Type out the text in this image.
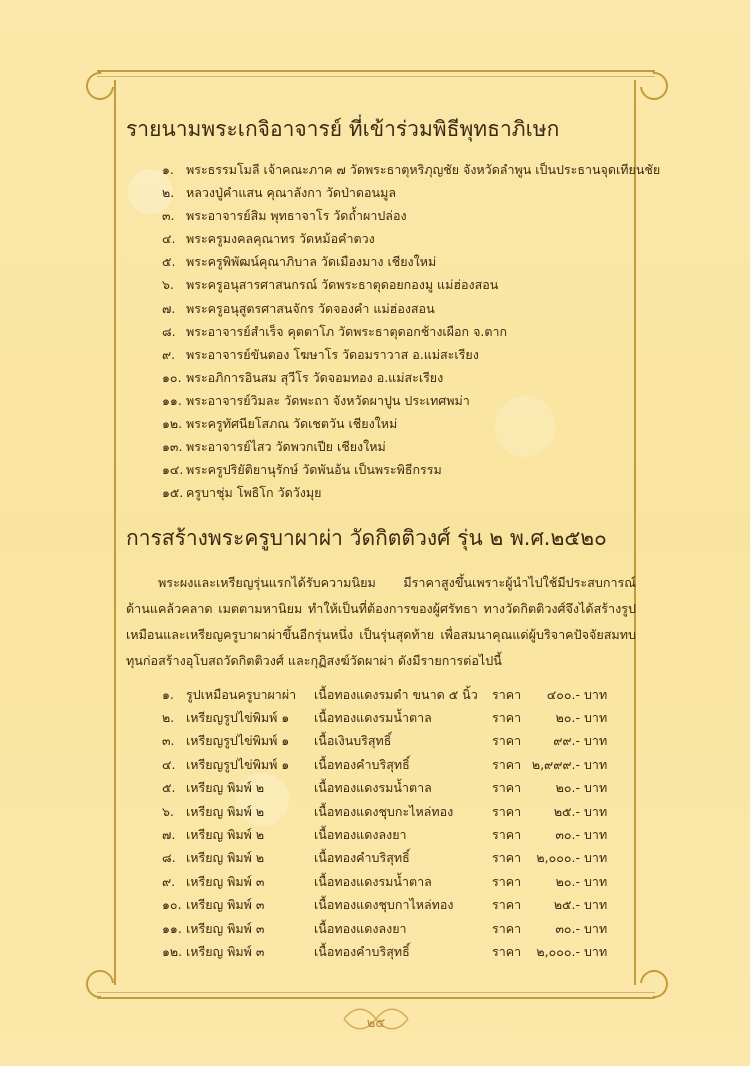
รายนามพระเกจิอาจารย์ ที่เข้าร่วมพิธีพุทธาภิเษก
๑. พระธรรมโมลี เจ้าคณะภาค ๗ วัดพระธาตุหริภุญชัย จังหวัดลำพูน เป็นประธานจุดเทียนชัย
๒. หลวงปู่คำแสน คุณาลังกา วัดป่าดอนมูล
๓. พระอาจารย์สิม พุทธาจาโร วัดถ้ำผาปล่อง
๔. พระครูมงคลคุณาทร วัดหม้อคำตวง
๕. พระครูพิพัฒน์คุณาภิบาล วัดเมืองมาง เชียงใหม่
๖. พระครูอนุสารศาสนกรณ์ วัดพระธาตุดอยกองมู แม่ฮ่องสอน
๗. พระครูอนุสูตรศาสนจักร วัดจองคำ แม่ฮ่องสอน
๘. พระอาจารย์สำเร็จ คุตตาโภ วัดพระธาตุดอกช้างเผือก จ.ตาก
๙. พระอาจารย์ขันตอง โฆษาโร วัดอมราวาส อ.แม่สะเรียง
๑๐. พระอภิการอินสม สุวีโร วัดจอมทอง อ.แม่สะเรียง
๑๑. พระอาจารย์วิมละ วัดพะถา จังหวัดผาปูน ประเทศพม่า
๑๒. พระครูทัศนียโสภณ วัดเชตวัน เชียงใหม่
๑๓. พระอาจารย์ไสว วัดพวกเปีย เชียงใหม่
๑๔. พระครูปริยัติยานุรักษ์ วัดพันอ้น เป็นพระพิธีกรรม
๑๕. ครูบาชุ่ม โพธิโก วัดวังมุย
การสร้างพระครูบาผาผ่า วัดกิตติวงศ์ รุ่น ๒ พ.ศ.๒๕๒๐

พระผงและเหรียญรุ่นแรกได้รับความนิยม มีราคาสูงขึ้นเพราะผู้นำไปใช้มีประสบการณ์ด้านแคล้วคลาด เมตตามหานิยม ทำให้เป็นที่ต้องการของผู้ศรัทธา ทางวัดกิตติวงศ์จึงได้สร้างรูปเหมือนและเหรียญครูบาผาผ่าขึ้นอีกรุ่นหนึ่ง เป็นรุ่นสุดท้าย เพื่อสมนาคุณแด่ผู้บริจาคปัจจัยสมทบทุนก่อสร้างอุโบสถวัดกิตติวงศ์ และกุฏิสงฆ์วัดผาผ่า ดังมีรายการต่อไปนี้

๑.	รูปเหมือนครูบาผาผ่า	เนื้อทองแดงรมดำ ขนาด ๕ นิ้ว	ราคา	๔๐๐.-	บาท
๒.	เหรียญรูปไข่พิมพ์ ๑	เนื้อทองแดงรมน้ำตาล	ราคา	๒๐.-	บาท
๓.	เหรียญรูปไข่พิมพ์ ๑	เนื้อเงินบริสุทธิ์	ราคา	๙๙.-	บาท
๔.	เหรียญรูปไข่พิมพ์ ๑	เนื้อทองคำบริสุทธิ์	ราคา	๒,๙๙๙.-	บาท
๕.	เหรียญ พิมพ์ ๒	เนื้อทองแดงรมน้ำตาล	ราคา	๒๐.-	บาท
๖.	เหรียญ พิมพ์ ๒	เนื้อทองแดงชุบกะไหล่ทอง	ราคา	๒๕.-	บาท
๗.	เหรียญ พิมพ์ ๒	เนื้อทองแดงลงยา	ราคา	๓๐.-	บาท
๘.	เหรียญ พิมพ์ ๒	เนื้อทองคำบริสุทธิ์	ราคา	๒,๐๐๐.-	บาท
๙.	เหรียญ พิมพ์ ๓	เนื้อทองแดงรมน้ำตาล	ราคา	๒๐.-	บาท
๑๐.	เหรียญ พิมพ์ ๓	เนื้อทองแดงชุบกาไหล่ทอง	ราคา	๒๕.-	บาท
๑๑.	เหรียญ พิมพ์ ๓	เนื้อทองแดงลงยา	ราคา	๓๐.-	บาท
๑๒.	เหรียญ พิมพ์ ๓	เนื้อทองคำบริสุทธิ์	ราคา	๒,๐๐๐.-	บาท
๒๕
